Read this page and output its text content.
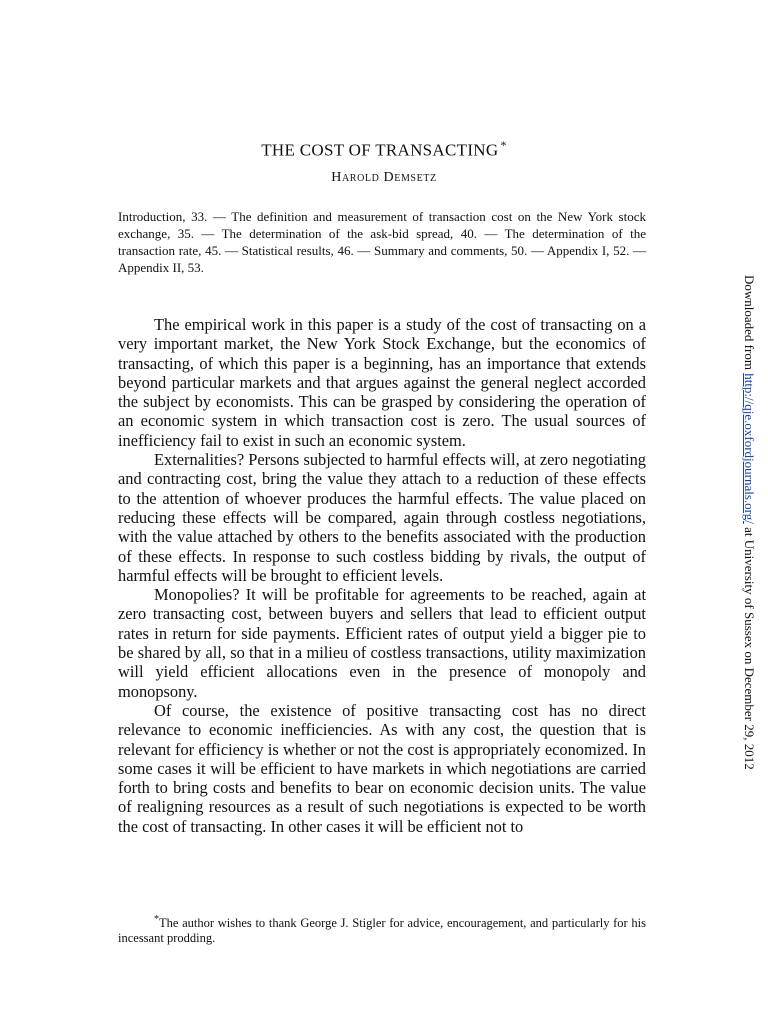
THE COST OF TRANSACTING *
Harold Demsetz
Introduction, 33. — The definition and measurement of transaction cost on the New York stock exchange, 35. — The determination of the ask-bid spread, 40. — The determination of the transaction rate, 45. — Statistical results, 46. — Summary and comments, 50. — Appendix I, 52. — Appendix II, 53.

The empirical work in this paper is a study of the cost of transacting on a very important market, the New York Stock Exchange, but the economics of transacting, of which this paper is a beginning, has an importance that extends beyond particular markets and that argues against the general neglect accorded the subject by economists. This can be grasped by considering the operation of an economic system in which transaction cost is zero. The usual sources of inefficiency fail to exist in such an economic system.

Externalities? Persons subjected to harmful effects will, at zero negotiating and contracting cost, bring the value they attach to a reduction of these effects to the attention of whoever produces the harmful effects. The value placed on reducing these effects will be compared, again through costless negotiations, with the value attached by others to the benefits associated with the production of these effects. In response to such costless bidding by rivals, the output of harmful effects will be brought to efficient levels.

Monopolies? It will be profitable for agreements to be reached, again at zero transacting cost, between buyers and sellers that lead to efficient output rates in return for side payments. Efficient rates of output yield a bigger pie to be shared by all, so that in a milieu of costless transactions, utility maximization will yield efficient allocations even in the presence of monopoly and monopsony.

Of course, the existence of positive transacting cost has no direct relevance to economic inefficiencies. As with any cost, the question that is relevant for efficiency is whether or not the cost is appropriately economized. In some cases it will be efficient to have markets in which negotiations are carried forth to bring costs and benefits to bear on economic decision units. The value of realigning resources as a result of such negotiations is expected to be worth the cost of transacting. In other cases it will be efficient not to

*The author wishes to thank George J. Stigler for advice, encouragement, and particularly for his incessant prodding.
Downloaded from http://qje.oxfordjournals.org/ at University of Sussex on December 29, 2012
